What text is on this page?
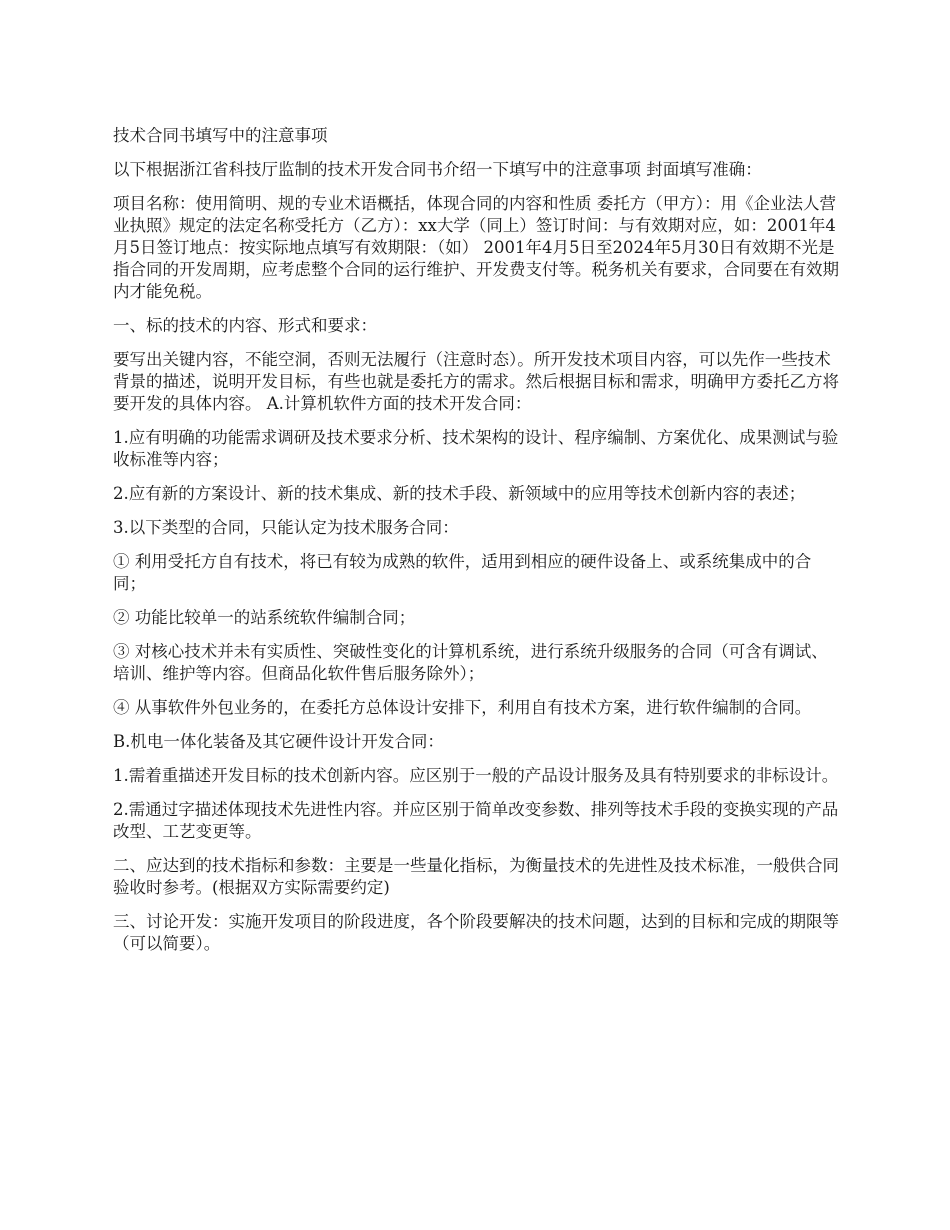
技术合同书填写中的注意事项

以下根据浙江省科技厅监制的技术开发合同书介绍一下填写中的注意事项 封面填写准确：

项目名称：使用简明、规的专业术语概括，体现合同的内容和性质 委托方（甲方）：用《企业法人营业执照》规定的法定名称受托方（乙方）：xx大学（同上）签订时间：与有效期对应，如：2001年4月5日签订地点：按实际地点填写有效期限：（如） 2001年4月5日至2024年5月30日有效期不光是指合同的开发周期，应考虑整个合同的运行维护、开发费支付等。税务机关有要求，合同要在有效期内才能免税。

一、标的技术的内容、形式和要求：

要写出关键内容，不能空洞，否则无法履行（注意时态）。所开发技术项目内容，可以先作一些技术背景的描述，说明开发目标，有些也就是委托方的需求。然后根据目标和需求，明确甲方委托乙方将要开发的具体内容。 A.计算机软件方面的技术开发合同：

1.应有明确的功能需求调研及技术要求分析、技术架构的设计、程序编制、方案优化、成果测试与验收标准等内容；

2.应有新的方案设计、新的技术集成、新的技术手段、新领域中的应用等技术创新内容的表述；

3.以下类型的合同，只能认定为技术服务合同：

① 利用受托方自有技术，将已有较为成熟的软件，适用到相应的硬件设备上、或系统集成中的合同；

② 功能比较单一的站系统软件编制合同；

③ 对核心技术并未有实质性、突破性变化的计算机系统，进行系统升级服务的合同（可含有调试、培训、维护等内容。但商品化软件售后服务除外）；

④ 从事软件外包业务的，在委托方总体设计安排下，利用自有技术方案，进行软件编制的合同。

B.机电一体化装备及其它硬件设计开发合同：

1.需着重描述开发目标的技术创新内容。应区别于一般的产品设计服务及具有特别要求的非标设计。

2.需通过字描述体现技术先进性内容。并应区别于简单改变参数、排列等技术手段的变换实现的产品改型、工艺变更等。

二、应达到的技术指标和参数：主要是一些量化指标，为衡量技术的先进性及技术标准，一般供合同验收时参考。(根据双方实际需要约定)

三、讨论开发：实施开发项目的阶段进度，各个阶段要解决的技术问题，达到的目标和完成的期限等（可以简要）。
